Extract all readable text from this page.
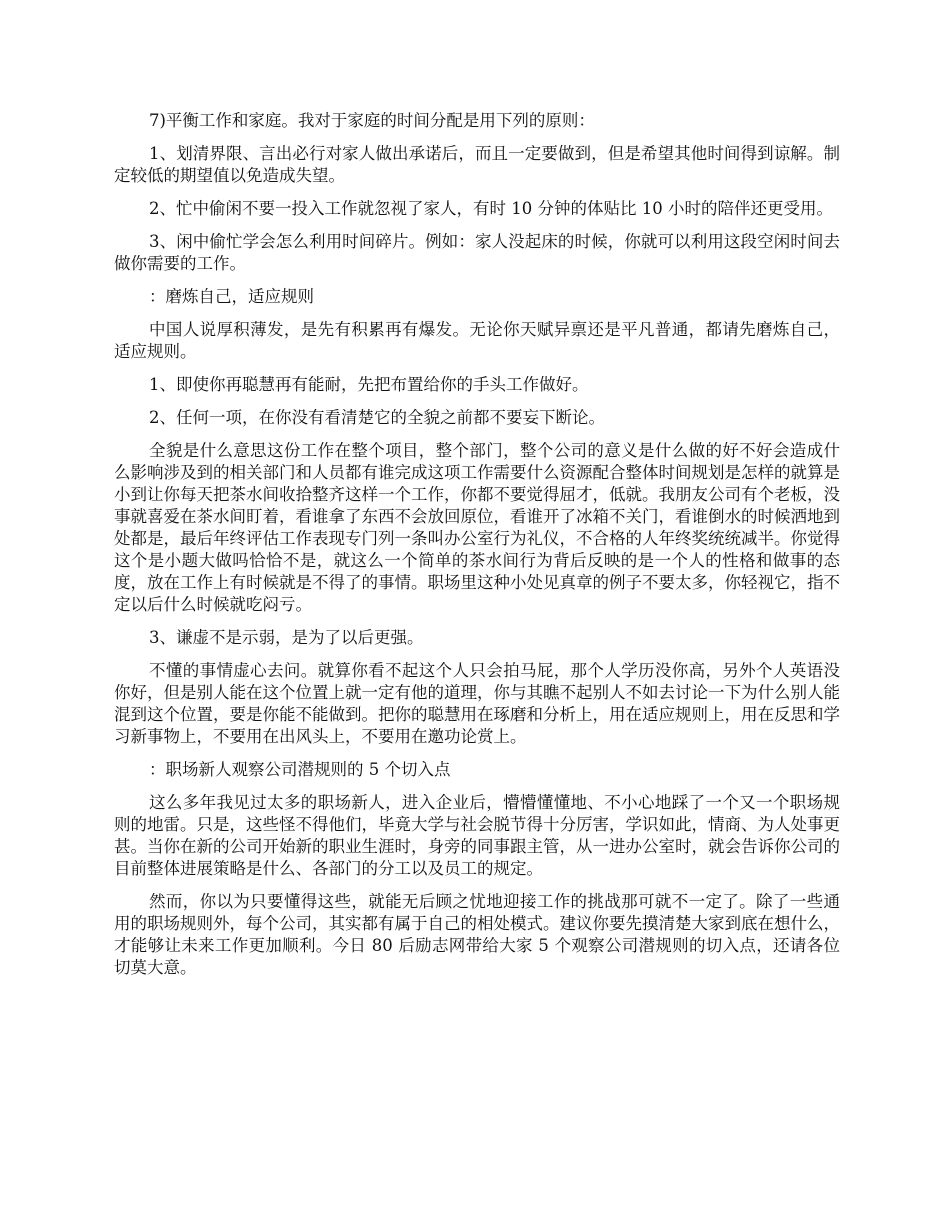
7)平衡工作和家庭。我对于家庭的时间分配是用下列的原则：

1、划清界限、言出必行对家人做出承诺后，而且一定要做到，但是希望其他时间得到谅解。制定较低的期望值以免造成失望。

2、忙中偷闲不要一投入工作就忽视了家人，有时 10 分钟的体贴比 10 小时的陪伴还更受用。

3、闲中偷忙学会怎么利用时间碎片。例如：家人没起床的时候，你就可以利用这段空闲时间去做你需要的工作。

：磨炼自己，适应规则

中国人说厚积薄发，是先有积累再有爆发。无论你天赋异禀还是平凡普通，都请先磨炼自己，适应规则。

1、即使你再聪慧再有能耐，先把布置给你的手头工作做好。

2、任何一项，在你没有看清楚它的全貌之前都不要妄下断论。

全貌是什么意思这份工作在整个项目，整个部门，整个公司的意义是什么做的好不好会造成什么影响涉及到的相关部门和人员都有谁完成这项工作需要什么资源配合整体时间规划是怎样的就算是小到让你每天把茶水间收拾整齐这样一个工作，你都不要觉得屈才，低就。我朋友公司有个老板，没事就喜爱在茶水间盯着，看谁拿了东西不会放回原位，看谁开了冰箱不关门，看谁倒水的时候洒地到处都是，最后年终评估工作表现专门列一条叫办公室行为礼仪，不合格的人年终奖统统减半。你觉得这个是小题大做吗恰恰不是，就这么一个简单的茶水间行为背后反映的是一个人的性格和做事的态度，放在工作上有时候就是不得了的事情。职场里这种小处见真章的例子不要太多，你轻视它，指不定以后什么时候就吃闷亏。

3、谦虚不是示弱，是为了以后更强。

不懂的事情虚心去问。就算你看不起这个人只会拍马屁，那个人学历没你高，另外个人英语没你好，但是别人能在这个位置上就一定有他的道理，你与其瞧不起别人不如去讨论一下为什么别人能混到这个位置，要是你能不能做到。把你的聪慧用在琢磨和分析上，用在适应规则上，用在反思和学习新事物上，不要用在出风头上，不要用在邀功论赏上。

：职场新人观察公司潜规则的 5 个切入点

这么多年我见过太多的职场新人，进入企业后，懵懵懂懂地、不小心地踩了一个又一个职场规则的地雷。只是，这些怪不得他们，毕竟大学与社会脱节得十分厉害，学识如此，情商、为人处事更甚。当你在新的公司开始新的职业生涯时，身旁的同事跟主管，从一进办公室时，就会告诉你公司的目前整体进展策略是什么、各部门的分工以及员工的规定。

然而，你以为只要懂得这些，就能无后顾之忧地迎接工作的挑战那可就不一定了。除了一些通用的职场规则外，每个公司，其实都有属于自己的相处模式。建议你要先摸清楚大家到底在想什么，才能够让未来工作更加顺利。今日 80 后励志网带给大家 5 个观察公司潜规则的切入点，还请各位切莫大意。
